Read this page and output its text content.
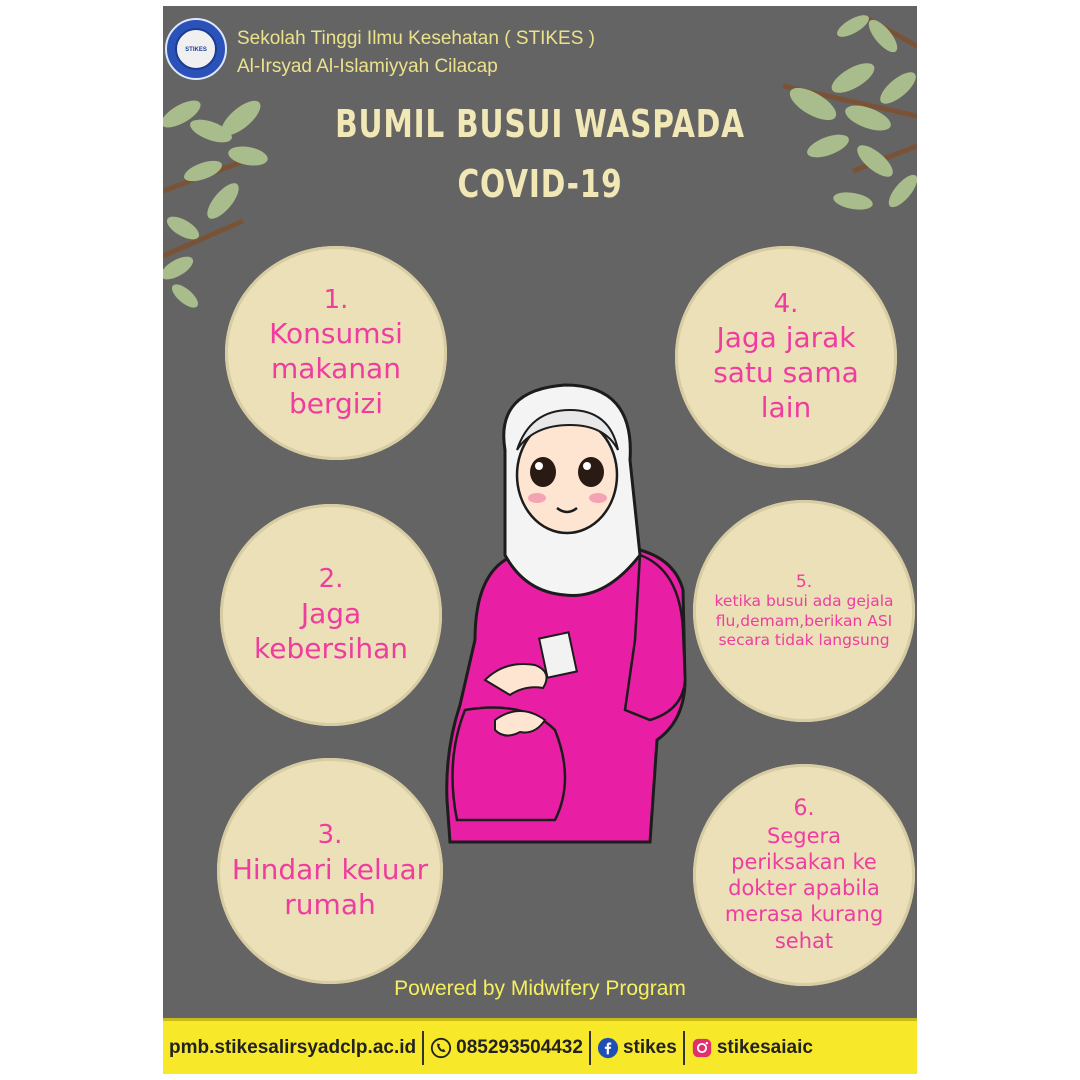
STIKES
Sekolah Tinggi Ilmu Kesehatan ( STIKES )
Al-Irsyad Al-Islamiyyah Cilacap
BUMIL BUSUI WASPADA
COVID-19
1.
Konsumsi makanan bergizi
2.
Jaga kebersihan
3.
Hindari keluar rumah
4.
Jaga jarak satu sama lain
5.
ketika busui ada gejala flu,demam,berikan ASI secara tidak langsung
6.
Segera periksakan ke dokter apabila merasa kurang sehat
Powered by Midwifery Program
pmb.stikesalirsyadclp.ac.id 085293504432 stikes stikesaiaic
